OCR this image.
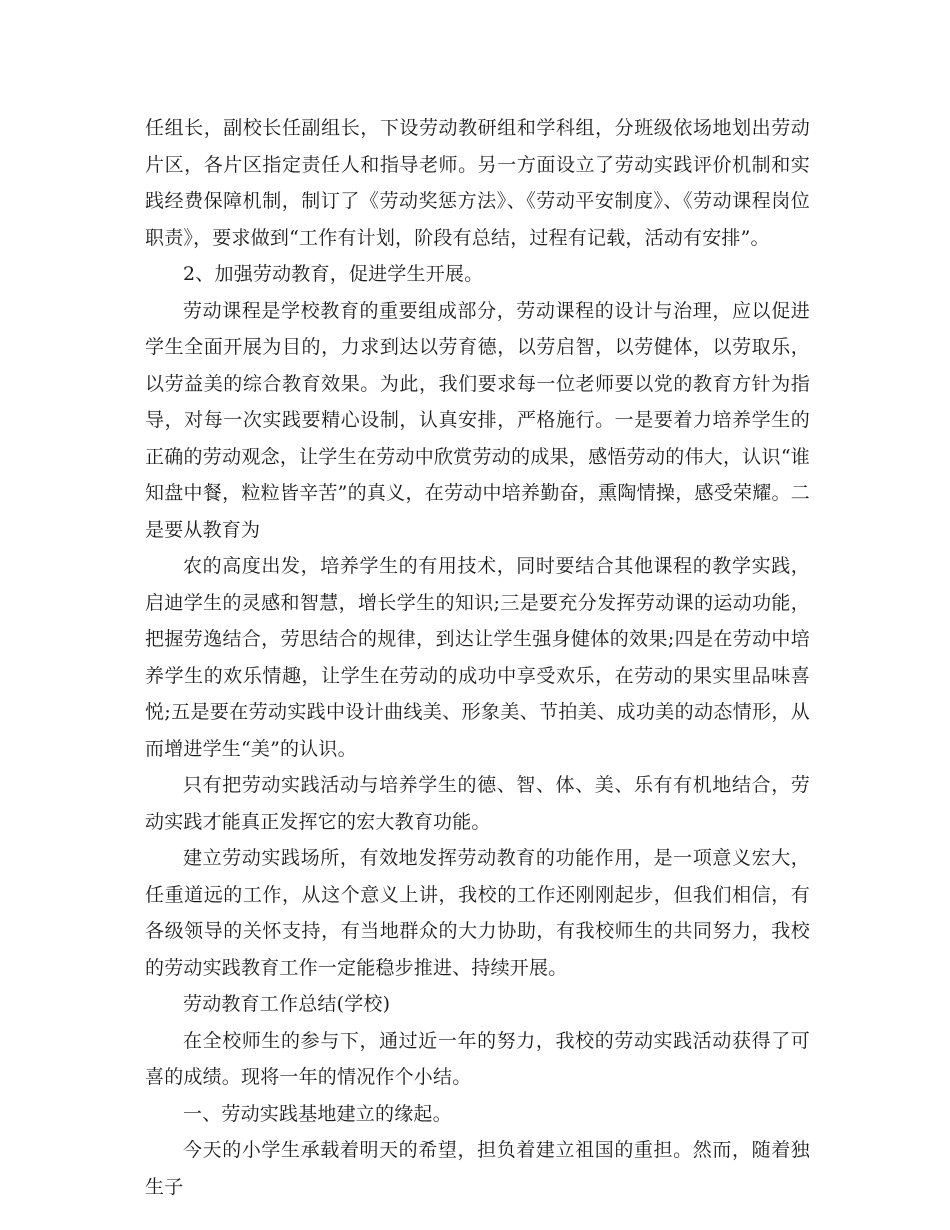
任组长，副校长任副组长，下设劳动教研组和学科组，分班级依场地划出劳动片区，各片区指定责任人和指导老师。另一方面设立了劳动实践评价机制和实践经费保障机制，制订了《劳动奖惩方法》、《劳动平安制度》、《劳动课程岗位职责》，要求做到“工作有计划，阶段有总结，过程有记载，活动有安排”。

2、加强劳动教育，促进学生开展。

劳动课程是学校教育的重要组成部分，劳动课程的设计与治理，应以促进学生全面开展为目的，力求到达以劳育德，以劳启智，以劳健体，以劳取乐，以劳益美的综合教育效果。为此，我们要求每一位老师要以党的教育方针为指导，对每一次实践要精心设制，认真安排，严格施行。一是要着力培养学生的正确的劳动观念，让学生在劳动中欣赏劳动的成果，感悟劳动的伟大，认识“谁知盘中餐，粒粒皆辛苦”的真义，在劳动中培养勤奋，熏陶情操，感受荣耀。二是要从教育为

农的高度出发，培养学生的有用技术，同时要结合其他课程的教学实践，启迪学生的灵感和智慧，增长学生的知识;三是要充分发挥劳动课的运动功能，把握劳逸结合，劳思结合的规律，到达让学生强身健体的效果;四是在劳动中培养学生的欢乐情趣，让学生在劳动的成功中享受欢乐，在劳动的果实里品味喜悦;五是要在劳动实践中设计曲线美、形象美、节拍美、成功美的动态情形，从而增进学生“美”的认识。

只有把劳动实践活动与培养学生的德、智、体、美、乐有有机地结合，劳动实践才能真正发挥它的宏大教育功能。

建立劳动实践场所，有效地发挥劳动教育的功能作用，是一项意义宏大，任重道远的工作，从这个意义上讲，我校的工作还刚刚起步，但我们相信，有各级领导的关怀支持，有当地群众的大力协助，有我校师生的共同努力，我校的劳动实践教育工作一定能稳步推进、持续开展。

劳动教育工作总结(学校)

在全校师生的参与下，通过近一年的努力，我校的劳动实践活动获得了可喜的成绩。现将一年的情况作个小结。

一、劳动实践基地建立的缘起。

今天的小学生承载着明天的希望，担负着建立祖国的重担。然而，随着独生子
